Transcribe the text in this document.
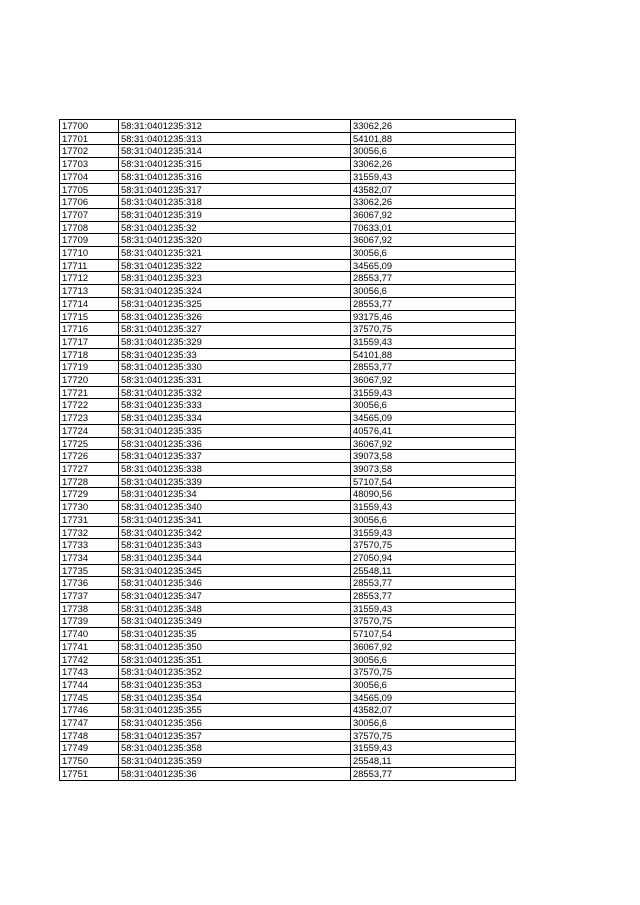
17700	58:31:0401235:312	33062,26
17701	58:31:0401235:313	54101,88
17702	58:31:0401235:314	30056,6
17703	58:31:0401235:315	33062,26
17704	58:31:0401235:316	31559,43
17705	58:31:0401235:317	43582,07
17706	58:31:0401235:318	33062,26
17707	58:31:0401235:319	36067,92
17708	58:31:0401235:32	70633,01
17709	58:31:0401235:320	36067,92
17710	58:31:0401235:321	30056,6
17711	58:31:0401235:322	34565,09
17712	58:31:0401235:323	28553,77
17713	58:31:0401235:324	30056,6
17714	58:31:0401235:325	28553,77
17715	58:31:0401235:326	93175,46
17716	58:31:0401235:327	37570,75
17717	58:31:0401235:329	31559,43
17718	58:31:0401235:33	54101,88
17719	58:31:0401235:330	28553,77
17720	58:31:0401235:331	36067,92
17721	58:31:0401235:332	31559,43
17722	58:31:0401235:333	30056,6
17723	58:31:0401235:334	34565,09
17724	58:31:0401235:335	40576,41
17725	58:31:0401235:336	36067,92
17726	58:31:0401235:337	39073,58
17727	58:31:0401235:338	39073,58
17728	58:31:0401235:339	57107,54
17729	58:31:0401235:34	48090,56
17730	58:31:0401235:340	31559,43
17731	58:31:0401235:341	30056,6
17732	58:31:0401235:342	31559,43
17733	58:31:0401235:343	37570,75
17734	58:31:0401235:344	27050,94
17735	58:31:0401235:345	25548,11
17736	58:31:0401235:346	28553,77
17737	58:31:0401235:347	28553,77
17738	58:31:0401235:348	31559,43
17739	58:31:0401235:349	37570,75
17740	58:31:0401235:35	57107,54
17741	58:31:0401235:350	36067,92
17742	58:31:0401235:351	30056,6
17743	58:31:0401235:352	37570,75
17744	58:31:0401235:353	30056,6
17745	58:31:0401235:354	34565,09
17746	58:31:0401235:355	43582,07
17747	58:31:0401235:356	30056,6
17748	58:31:0401235:357	37570,75
17749	58:31:0401235:358	31559,43
17750	58:31:0401235:359	25548,11
17751	58:31:0401235:36	28553,77
